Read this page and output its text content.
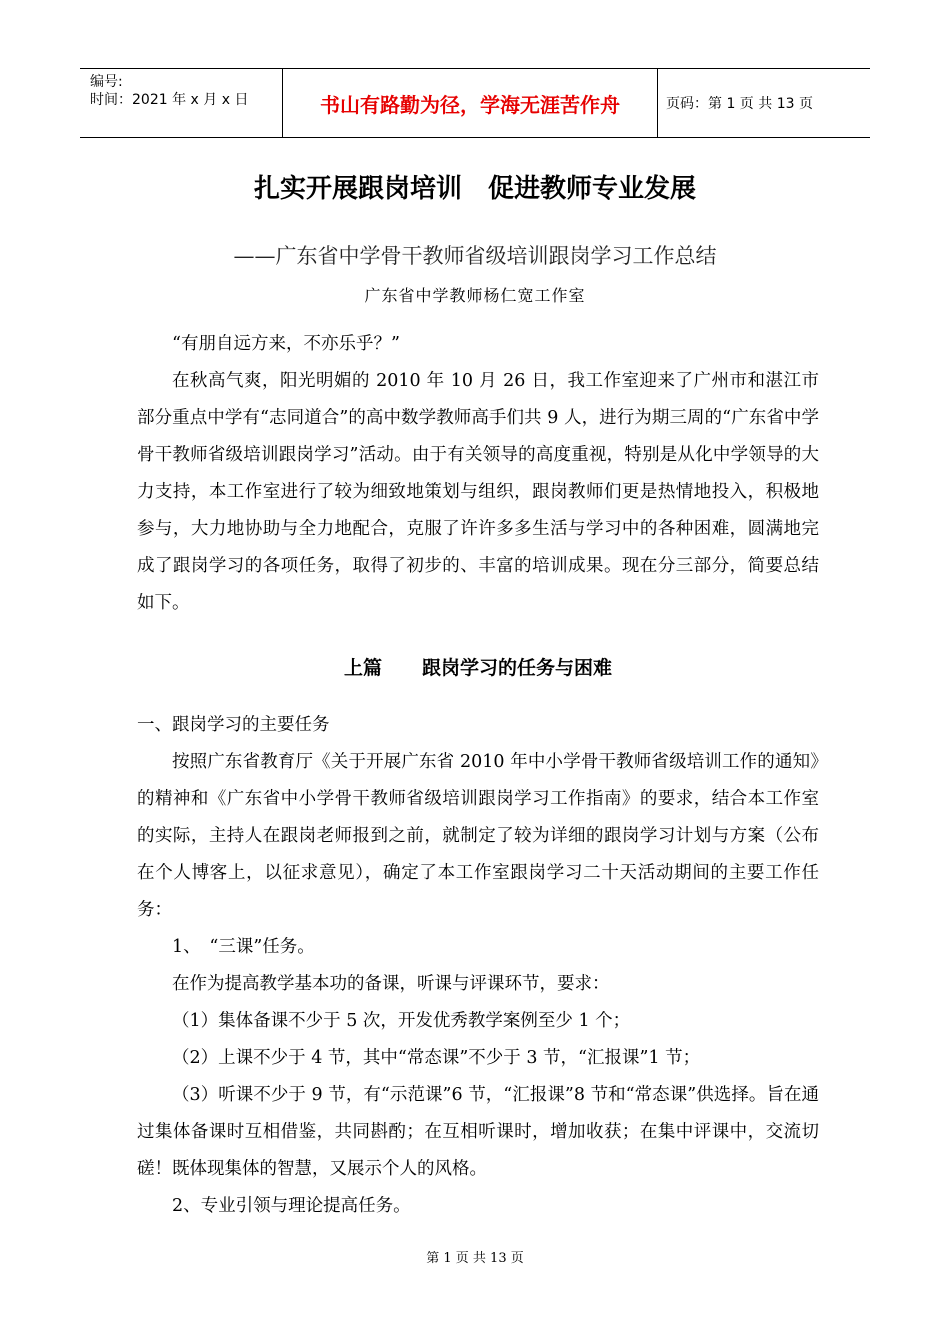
编号:
时间：2021 年 x 月 x 日	书山有路勤为径，学海无涯苦作舟	页码：第 1 页 共 13 页
扎实开展跟岗培训　促进教师专业发展
——广东省中学骨干教师省级培训跟岗学习工作总结
广东省中学教师杨仁宽工作室

“有朋自远方来，不亦乐乎？”

在秋高气爽，阳光明媚的 2010 年 10 月 26 日，我工作室迎来了广州市和湛江市部分重点中学有“志同道合”的高中数学教师高手们共 9 人，进行为期三周的“广东省中学骨干教师省级培训跟岗学习”活动。由于有关领导的高度重视，特别是从化中学领导的大力支持，本工作室进行了较为细致地策划与组织，跟岗教师们更是热情地投入，积极地参与，大力地协助与全力地配合，克服了许许多多生活与学习中的各种困难，圆满地完成了跟岗学习的各项任务，取得了初步的、丰富的培训成果。现在分三部分，简要总结如下。

上篇 跟岗学习的任务与困难

一、跟岗学习的主要任务

按照广东省教育厅《关于开展广东省 2010 年中小学骨干教师省级培训工作的通知》的精神和《广东省中小学骨干教师省级培训跟岗学习工作指南》的要求，结合本工作室的实际，主持人在跟岗老师报到之前，就制定了较为详细的跟岗学习计划与方案（公布在个人博客上，以征求意见），确定了本工作室跟岗学习二十天活动期间的主要工作任务：

1、　“三课”任务。

在作为提高教学基本功的备课，听课与评课环节，要求：

（1）集体备课不少于 5 次，开发优秀教学案例至少 1 个；

（2）上课不少于 4 节，其中“常态课”不少于 3 节，“汇报课”1 节；

（3）听课不少于 9 节，有“示范课”6 节，“汇报课”8 节和“常态课”供选择。旨在通过集体备课时互相借鉴，共同斟酌；在互相听课时，增加收获；在集中评课中，交流切磋！既体现集体的智慧，又展示个人的风格。

2、专业引领与理论提高任务。

第 1 页 共 13 页
